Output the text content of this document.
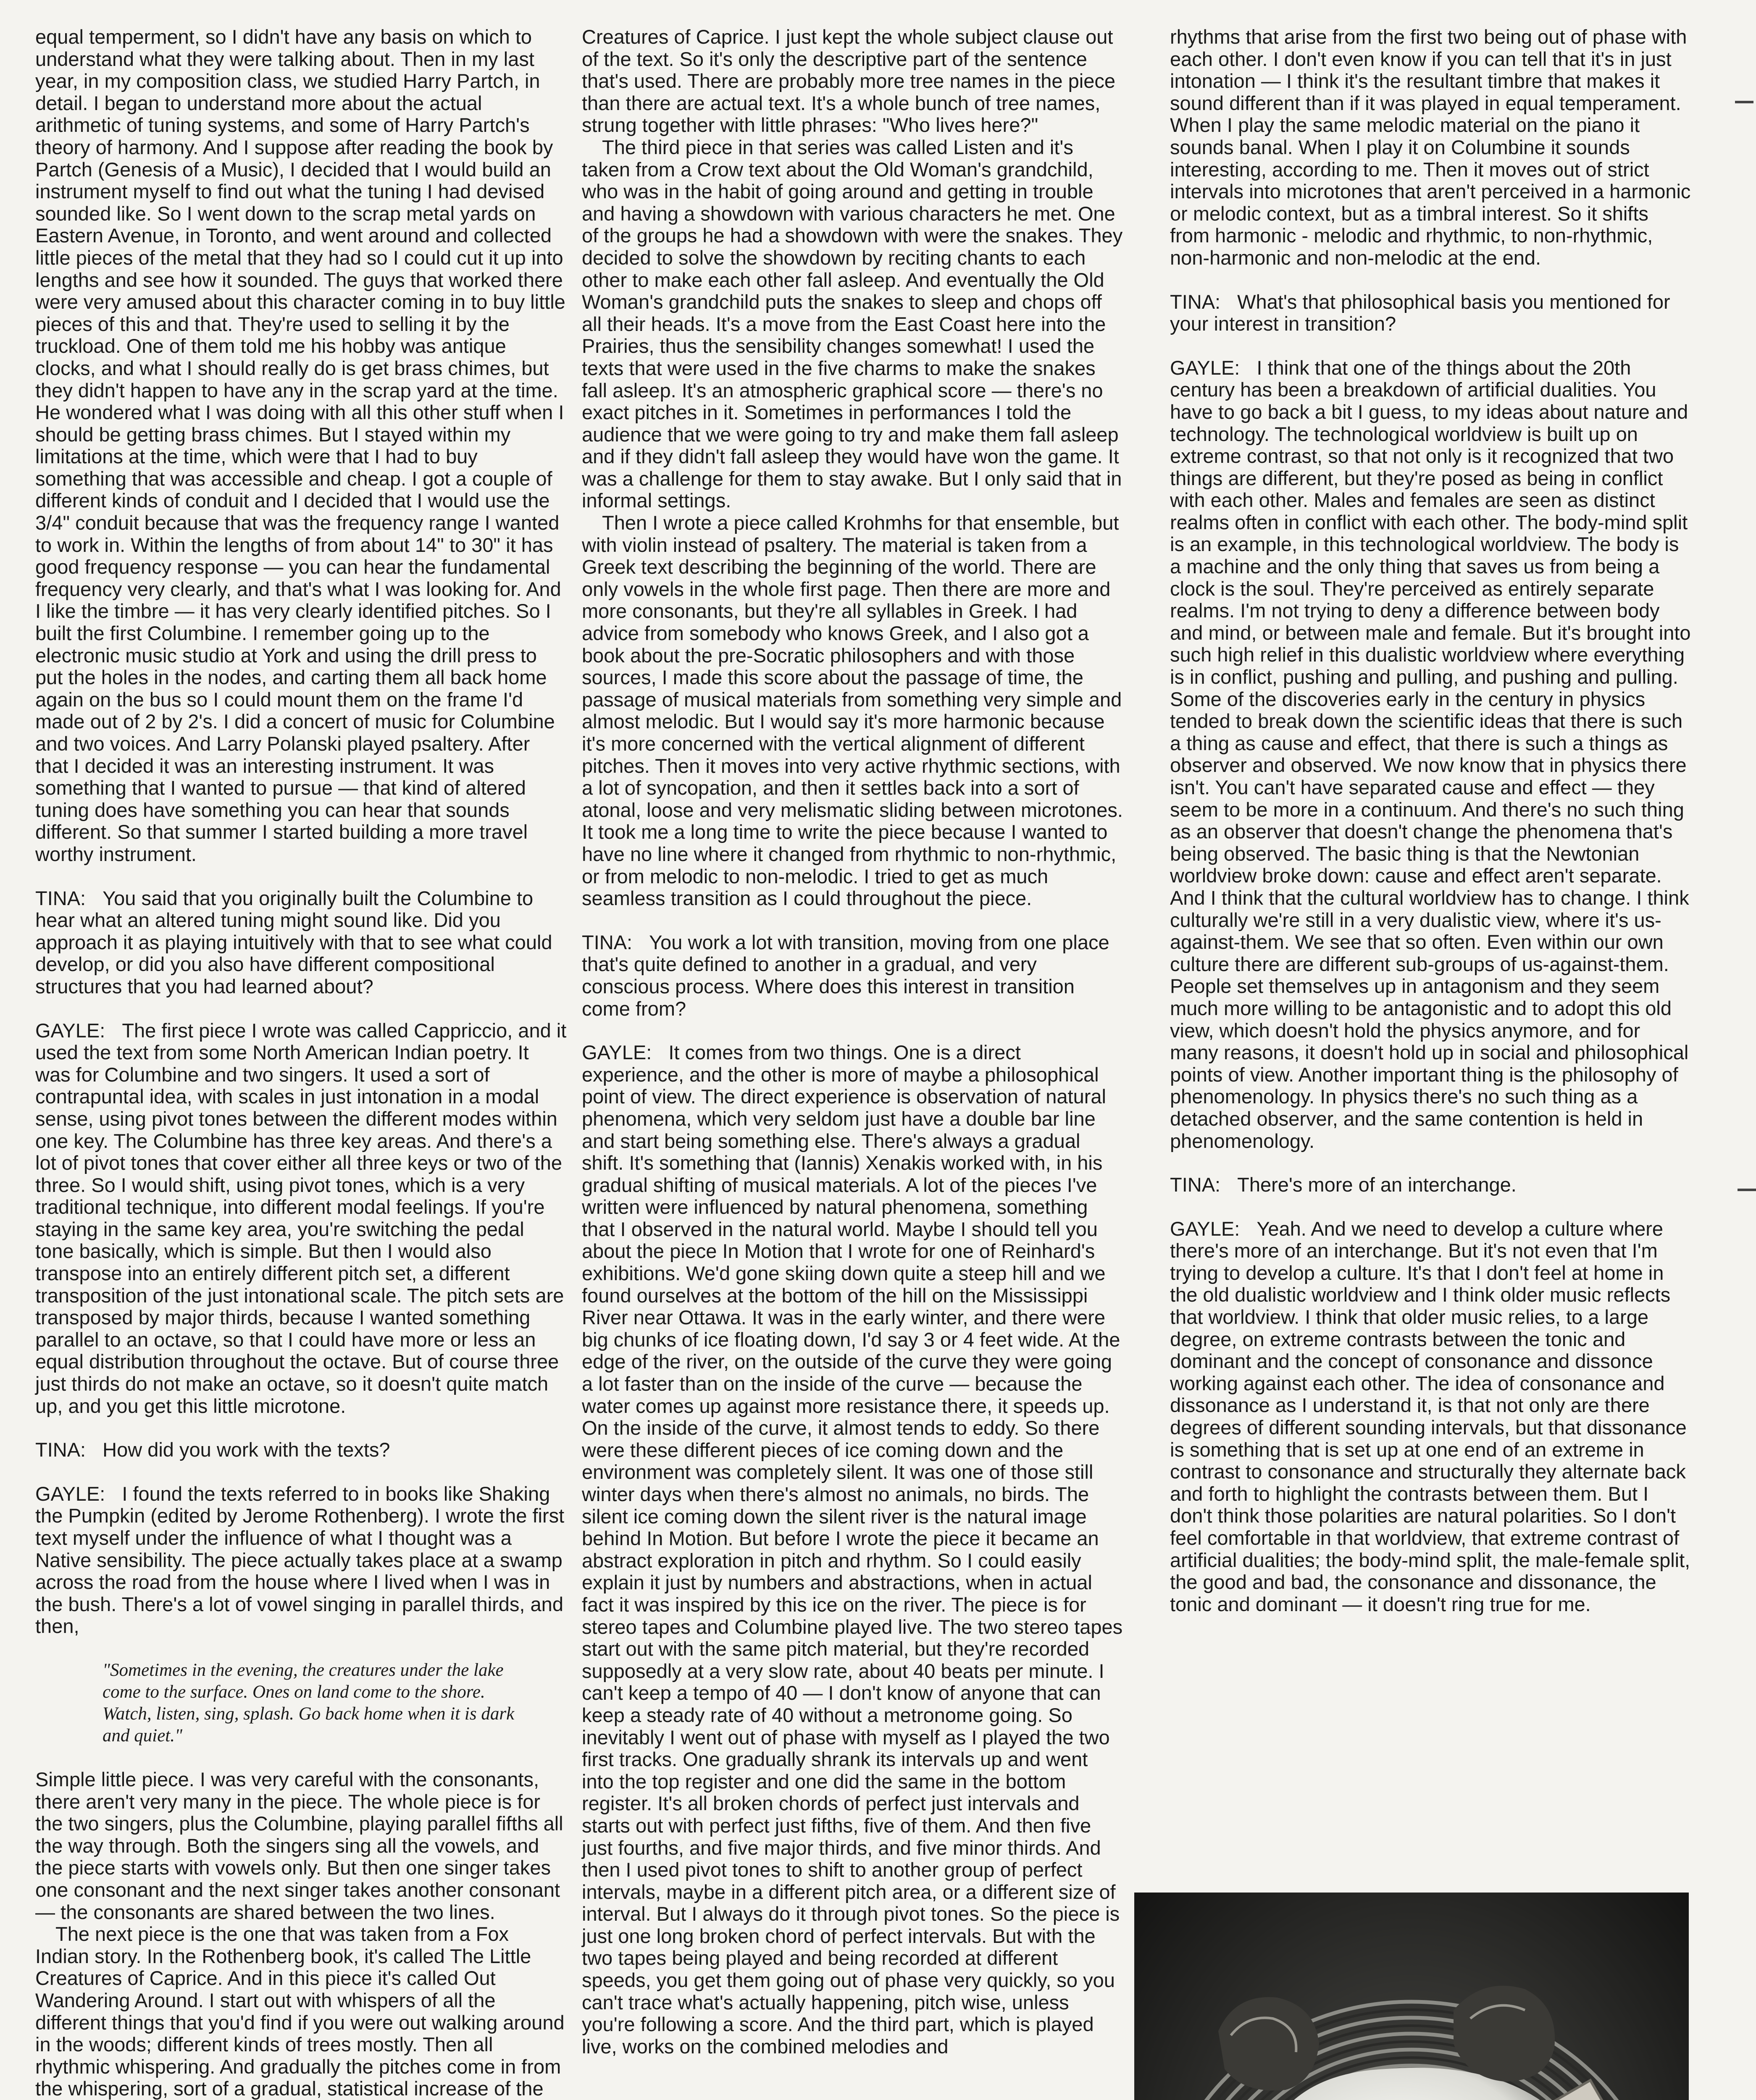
equal temperment, so I didn't have any basis on which to understand what they were talking about. Then in my last year, in my composition class, we studied Harry Partch, in detail. I began to understand more about the actual arithmetic of tuning systems, and some of Harry Partch's theory of harmony. And I suppose after reading the book by Partch (Genesis of a Music), I decided that I would build an instrument myself to find out what the tuning I had devised sounded like. So I went down to the scrap metal yards on Eastern Avenue, in Toronto, and went around and collected little pieces of the metal that they had so I could cut it up into lengths and see how it sounded. The guys that worked there were very amused about this character coming in to buy little pieces of this and that. They're used to selling it by the truckload. One of them told me his hobby was antique clocks, and what I should really do is get brass chimes, but they didn't happen to have any in the scrap yard at the time. He wondered what I was doing with all this other stuff when I should be getting brass chimes. But I stayed within my limitations at the time, which were that I had to buy something that was accessible and cheap. I got a couple of different kinds of conduit and I decided that I would use the 3/4" conduit because that was the frequency range I wanted to work in. Within the lengths of from about 14" to 30" it has good frequency response — you can hear the fundamental frequency very clearly, and that's what I was looking for. And I like the timbre — it has very clearly identified pitches. So I built the first Columbine. I remember going up to the electronic music studio at York and using the drill press to put the holes in the nodes, and carting them all back home again on the bus so I could mount them on the frame I'd made out of 2 by 2's. I did a concert of music for Columbine and two voices. And Larry Polanski played psaltery. After that I decided it was an interesting instrument. It was something that I wanted to pursue — that kind of altered tuning does have something you can hear that sounds different. So that summer I started building a more travel worthy instrument.

TINA: You said that you originally built the Columbine to hear what an altered tuning might sound like. Did you approach it as playing intuitively with that to see what could develop, or did you also have different compositional structures that you had learned about?

GAYLE: The first piece I wrote was called Cappriccio, and it used the text from some North American Indian poetry. It was for Columbine and two singers. It used a sort of contrapuntal idea, with scales in just intonation in a modal sense, using pivot tones between the different modes within one key. The Columbine has three key areas. And there's a lot of pivot tones that cover either all three keys or two of the three. So I would shift, using pivot tones, which is a very traditional technique, into different modal feelings. If you're staying in the same key area, you're switching the pedal tone basically, which is simple. But then I would also transpose into an entirely different pitch set, a different transposition of the just intonational scale. The pitch sets are transposed by major thirds, because I wanted something parallel to an octave, so that I could have more or less an equal distribution throughout the octave. But of course three just thirds do not make an octave, so it doesn't quite match up, and you get this little microtone.

TINA: How did you work with the texts?

GAYLE: I found the texts referred to in books like Shaking the Pumpkin (edited by Jerome Rothenberg). I wrote the first text myself under the influence of what I thought was a Native sensibility. The piece actually takes place at a swamp across the road from the house where I lived when I was in the bush. There's a lot of vowel singing in parallel thirds, and then,

"Sometimes in the evening, the creatures under the lake come to the surface. Ones on land come to the shore. Watch, listen, sing, splash. Go back home when it is dark and quiet."

Simple little piece. I was very careful with the consonants, there aren't very many in the piece. The whole piece is for the two singers, plus the Columbine, playing parallel fifths all the way through. Both the singers sing all the vowels, and the piece starts with vowels only. But then one singer takes one consonant and the next singer takes another consonant — the consonants are shared between the two lines.

The next piece is the one that was taken from a Fox Indian story. In the Rothenberg book, it's called The Little Creatures of Caprice. And in this piece it's called Out Wandering Around. I start out with whispers of all the different things that you'd find if you were out walking around in the woods; different kinds of trees mostly. Then all rhythmic whispering. And gradually the pitches come in from the whispering, sort of a gradual, statistical increase of the

Creatures of Caprice. I just kept the whole subject clause out of the text. So it's only the descriptive part of the sentence that's used. There are probably more tree names in the piece than there are actual text. It's a whole bunch of tree names, strung together with little phrases: "Who lives here?"

The third piece in that series was called Listen and it's taken from a Crow text about the Old Woman's grandchild, who was in the habit of going around and getting in trouble and having a showdown with various characters he met. One of the groups he had a showdown with were the snakes. They decided to solve the showdown by reciting chants to each other to make each other fall asleep. And eventually the Old Woman's grandchild puts the snakes to sleep and chops off all their heads. It's a move from the East Coast here into the Prairies, thus the sensibility changes somewhat! I used the texts that were used in the five charms to make the snakes fall asleep. It's an atmospheric graphical score — there's no exact pitches in it. Sometimes in performances I told the audience that we were going to try and make them fall asleep and if they didn't fall asleep they would have won the game. It was a challenge for them to stay awake. But I only said that in informal settings.

Then I wrote a piece called Krohmhs for that ensemble, but with violin instead of psaltery. The material is taken from a Greek text describing the beginning of the world. There are only vowels in the whole first page. Then there are more and more consonants, but they're all syllables in Greek. I had advice from somebody who knows Greek, and I also got a book about the pre-Socratic philosophers and with those sources, I made this score about the passage of time, the passage of musical materials from something very simple and almost melodic. But I would say it's more harmonic because it's more concerned with the vertical alignment of different pitches. Then it moves into very active rhythmic sections, with a lot of syncopation, and then it settles back into a sort of atonal, loose and very melismatic sliding between microtones. It took me a long time to write the piece because I wanted to have no line where it changed from rhythmic to non-rhythmic, or from melodic to non-melodic. I tried to get as much seamless transition as I could throughout the piece.

TINA: You work a lot with transition, moving from one place that's quite defined to another in a gradual, and very conscious process. Where does this interest in transition come from?

GAYLE: It comes from two things. One is a direct experience, and the other is more of maybe a philosophical point of view. The direct experience is observation of natural phenomena, which very seldom just have a double bar line and start being something else. There's always a gradual shift. It's something that (Iannis) Xenakis worked with, in his gradual shifting of musical materials. A lot of the pieces I've written were influenced by natural phenomena, something that I observed in the natural world. Maybe I should tell you about the piece In Motion that I wrote for one of Reinhard's exhibitions. We'd gone skiing down quite a steep hill and we found ourselves at the bottom of the hill on the Mississippi River near Ottawa. It was in the early winter, and there were big chunks of ice floating down, I'd say 3 or 4 feet wide. At the edge of the river, on the outside of the curve they were going a lot faster than on the inside of the curve — because the water comes up against more resistance there, it speeds up. On the inside of the curve, it almost tends to eddy. So there were these different pieces of ice coming down and the environment was completely silent. It was one of those still winter days when there's almost no animals, no birds. The silent ice coming down the silent river is the natural image behind In Motion. But before I wrote the piece it became an abstract exploration in pitch and rhythm. So I could easily explain it just by numbers and abstractions, when in actual fact it was inspired by this ice on the river. The piece is for stereo tapes and Columbine played live. The two stereo tapes start out with the same pitch material, but they're recorded supposedly at a very slow rate, about 40 beats per minute. I can't keep a tempo of 40 — I don't know of anyone that can keep a steady rate of 40 without a metronome going. So inevitably I went out of phase with myself as I played the two first tracks. One gradually shrank its intervals up and went into the top register and one did the same in the bottom register. It's all broken chords of perfect just intervals and starts out with perfect just fifths, five of them. And then five just fourths, and five major thirds, and five minor thirds. And then I used pivot tones to shift to another group of perfect intervals, maybe in a different pitch area, or a different size of interval. But I always do it through pivot tones. So the piece is just one long broken chord of perfect intervals. But with the two tapes being played and being recorded at different speeds, you get them going out of phase very quickly, so you can't trace what's actually happening, pitch wise, unless you're following a score. And the third part, which is played live, works on the combined melodies and

rhythms that arise from the first two being out of phase with each other. I don't even know if you can tell that it's in just intonation — I think it's the resultant timbre that makes it sound different than if it was played in equal temperament. When I play the same melodic material on the piano it sounds banal. When I play it on Columbine it sounds interesting, according to me. Then it moves out of strict intervals into microtones that aren't perceived in a harmonic or melodic context, but as a timbral interest. So it shifts from harmonic - melodic and rhythmic, to non-rhythmic, non-harmonic and non-melodic at the end.

TINA: What's that philosophical basis you mentioned for your interest in transition?

GAYLE: I think that one of the things about the 20th century has been a breakdown of artificial dualities. You have to go back a bit I guess, to my ideas about nature and technology. The technological worldview is built up on extreme contrast, so that not only is it recognized that two things are different, but they're posed as being in conflict with each other. Males and females are seen as distinct realms often in conflict with each other. The body-mind split is an example, in this technological worldview. The body is a machine and the only thing that saves us from being a clock is the soul. They're perceived as entirely separate realms. I'm not trying to deny a difference between body and mind, or between male and female. But it's brought into such high relief in this dualistic worldview where everything is in conflict, pushing and pulling, and pushing and pulling. Some of the discoveries early in the century in physics tended to break down the scientific ideas that there is such a thing as cause and effect, that there is such a things as observer and observed. We now know that in physics there isn't. You can't have separated cause and effect — they seem to be more in a continuum. And there's no such thing as an observer that doesn't change the phenomena that's being observed. The basic thing is that the Newtonian worldview broke down: cause and effect aren't separate. And I think that the cultural worldview has to change. I think culturally we're still in a very dualistic view, where it's us-against-them. We see that so often. Even within our own culture there are different sub-groups of us-against-them. People set themselves up in antagonism and they seem much more willing to be antagonistic and to adopt this old view, which doesn't hold the physics anymore, and for many reasons, it doesn't hold up in social and philosophical points of view. Another important thing is the philosophy of phenomenology. In physics there's no such thing as a detached observer, and the same contention is held in phenomenology.

TINA: There's more of an interchange.

GAYLE: Yeah. And we need to develop a culture where there's more of an interchange. But it's not even that I'm trying to develop a culture. It's that I don't feel at home in the old dualistic worldview and I think older music reflects that worldview. I think that older music relies, to a large degree, on extreme contrasts between the tonic and dominant and the concept of consonance and dissonce working against each other. The idea of consonance and dissonance as I understand it, is that not only are there degrees of different sounding intervals, but that dissonance is something that is set up at one end of an extreme in contrast to consonance and structurally they alternate back and forth to highlight the contrasts between them. But I don't think those polarities are natural polarities. So I don't feel comfortable in that worldview, that extreme contrast of artificial dualities; the body-mind split, the male-female split, the good and bad, the consonance and dissonance, the tonic and dominant — it doesn't ring true for me.
